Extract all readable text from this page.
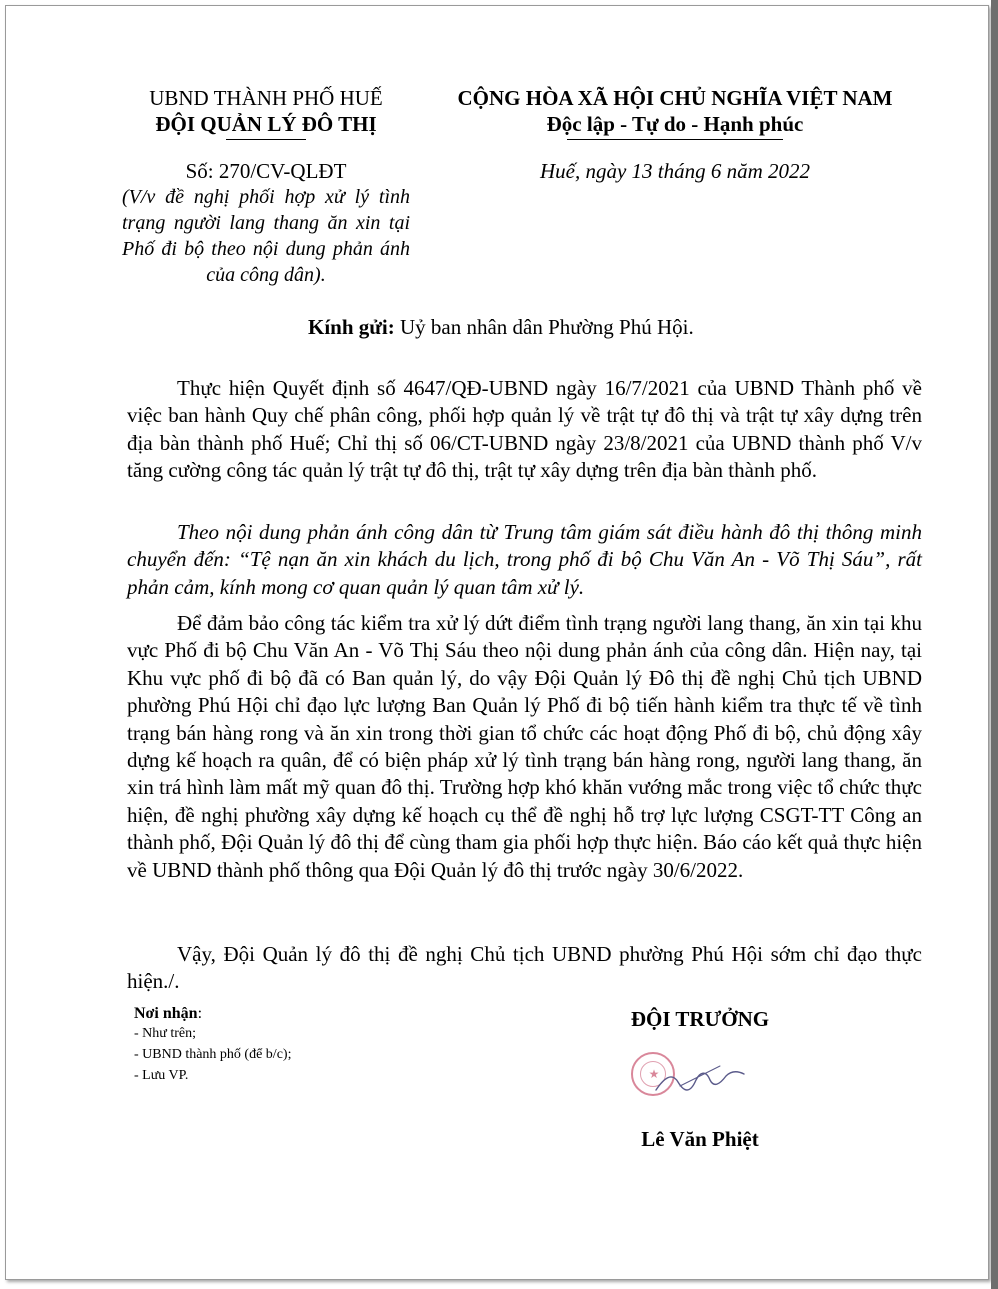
UBND THÀNH PHỐ HUẾ
ĐỘI QUẢN LÝ ĐÔ THỊ
CỘNG HÒA XÃ HỘI CHỦ NGHĨA VIỆT NAM
Độc lập - Tự do - Hạnh phúc
Số: 270/CV-QLĐT	Huế, ngày 13 tháng 6 năm 2022
(V/v đề nghị phối hợp xử lý tình trạng người lang thang ăn xin tại Phố đi bộ theo nội dung phản ánh của công dân).
Kính gửi: Uỷ ban nhân dân Phường Phú Hội.
Thực hiện Quyết định số 4647/QĐ-UBND ngày 16/7/2021 của UBND Thành phố về việc ban hành Quy chế phân công, phối hợp quản lý về trật tự đô thị và trật tự xây dựng trên địa bàn thành phố Huế; Chỉ thị số 06/CT-UBND ngày 23/8/2021 của UBND thành phố V/v tăng cường công tác quản lý trật tự đô thị, trật tự xây dựng trên địa bàn thành phố.
Theo nội dung phản ánh công dân từ Trung tâm giám sát điều hành đô thị thông minh chuyển đến: “Tệ nạn ăn xin khách du lịch, trong phố đi bộ Chu Văn An - Võ Thị Sáu”, rất phản cảm, kính mong cơ quan quản lý quan tâm xử lý.
Để đảm bảo công tác kiểm tra xử lý dứt điểm tình trạng người lang thang, ăn xin tại khu vực Phố đi bộ Chu Văn An - Võ Thị Sáu theo nội dung phản ánh của công dân. Hiện nay, tại Khu vực phố đi bộ đã có Ban quản lý, do vậy Đội Quản lý Đô thị đề nghị Chủ tịch UBND phường Phú Hội chỉ đạo lực lượng Ban Quản lý Phố đi bộ tiến hành kiểm tra thực tế về tình trạng bán hàng rong và ăn xin trong thời gian tổ chức các hoạt động Phố đi bộ, chủ động xây dựng kế hoạch ra quân, để có biện pháp xử lý tình trạng bán hàng rong, người lang thang, ăn xin trá hình làm mất mỹ quan đô thị. Trường hợp khó khăn vướng mắc trong việc tổ chức thực hiện, đề nghị phường xây dựng kế hoạch cụ thể đề nghị hỗ trợ lực lượng CSGT-TT Công an thành phố, Đội Quản lý đô thị để cùng tham gia phối hợp thực hiện. Báo cáo kết quả thực hiện về UBND thành phố thông qua Đội Quản lý đô thị trước ngày 30/6/2022.
Vậy, Đội Quản lý đô thị đề nghị Chủ tịch UBND phường Phú Hội sớm chỉ đạo thực hiện./.
Nơi nhận:
- Như trên;
- UBND thành phố (để b/c);
- Lưu VP.
ĐỘI TRƯỞNG
★
Lê Văn Phiệt
